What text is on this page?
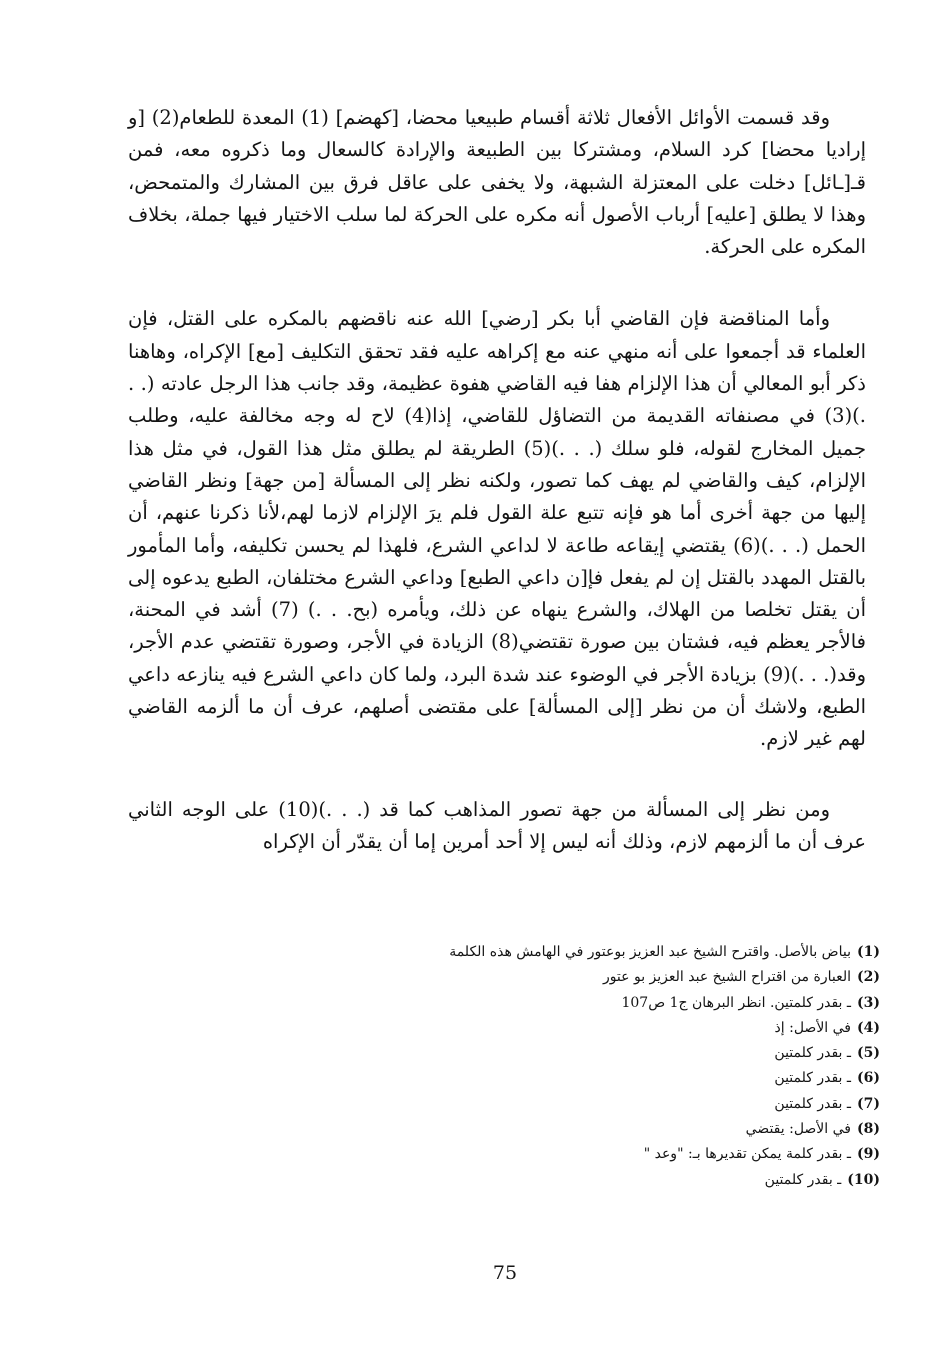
وقد قسمت الأوائل الأفعال ثلاثة أقسام طبيعيا محضا، [كهضم] (1) المعدة للطعام(2) [و إراديا محضا] كرد السلام، ومشتركا بين الطبيعة والإرادة كالسعال وما ذكروه معه، فمن قـ[ـائل] دخلت على المعتزلة الشبهة، ولا يخفى على عاقل فرق بين المشارك والمتمحض، وهذا لا يطلق [عليه] أرباب الأصول أنه مكره على الحركة لما سلب الاختيار فيها جملة، بخلاف المكره على الحركة.

وأما المناقضة فإن القاضي أبا بكر [رضي] الله عنه ناقضهم بالمكره على القتل، فإن العلماء قد أجمعوا على أنه منهي عنه مع إكراهه عليه فقد تحقق التكليف [مع] الإكراه، وهاهنا ذكر أبو المعالي أن هذا الإلزام هفا فيه القاضي هفوة عظيمة، وقد جانب هذا الرجل عادته (. . .)(3) في مصنفاته القديمة من التضاؤل للقاضي، إذا(4) لاح له وجه مخالفة عليه، وطلب جميل المخارج لقوله، فلو سلك (. . .)(5) الطريقة لم يطلق مثل هذا القول، في مثل هذا الإلزام، كيف والقاضي لم يهف كما تصور، ولكنه نظر إلى المسألة [من جهة] ونظر القاضي إليها من جهة أخرى أما هو فإنه تتبع علة القول فلم يرَ الإلزام لازما لهم،لأنا ذكرنا عنهم، أن الحمل (. . .)(6) يقتضي إيقاعه طاعة لا لداعي الشرع، فلهذا لم يحسن تكليفه، وأما المأمور بالقتل المهدد بالقتل إن لم يفعل فإ[ن داعي الطبع] وداعي الشرع مختلفان، الطبع يدعوه إلى أن يقتل تخلصا من الهلاك، والشرع ينهاه عن ذلك، ويأمره (بح. . .) (7) أشد في المحنة، فالأجر يعظم فيه، فشتان بين صورة تقتضي(8) الزيادة في الأجر، وصورة تقتضي عدم الأجر، وقد(. . .)(9) بزيادة الأجر في الوضوء عند شدة البرد، ولما كان داعي الشرع فيه ينازعه داعي الطبع، ولاشك أن من نظر [إلى المسألة] على مقتضى أصلهم، عرف أن ما ألزمه القاضي لهم غير لازم.

ومن نظر إلى المسألة من جهة تصور المذاهب كما قد (. . .)(10) على الوجه الثاني عرف أن ما ألزمهم لازم، وذلك أنه ليس إلا أحد أمرين إما أن يقدّر أن الإكراه

(1)بياض بالأصل. واقترح الشيخ عبد العزيز بوعتور في الهامش هذه الكلمة
(2)العبارة من اقتراح الشيخ عبد العزيز بو عتور
(3)ـ بقدر كلمتين. انظر البرهان ج1 ص107
(4)في الأصل: إذ
(5)ـ بقدر كلمتين
(6)ـ بقدر كلمتين
(7)ـ بقدر كلمتين
(8)في الأصل: يقتضي
(9)ـ بقدر كلمة يمكن تقديرها بـ: "وعد "
(10)ـ بقدر كلمتين
75
